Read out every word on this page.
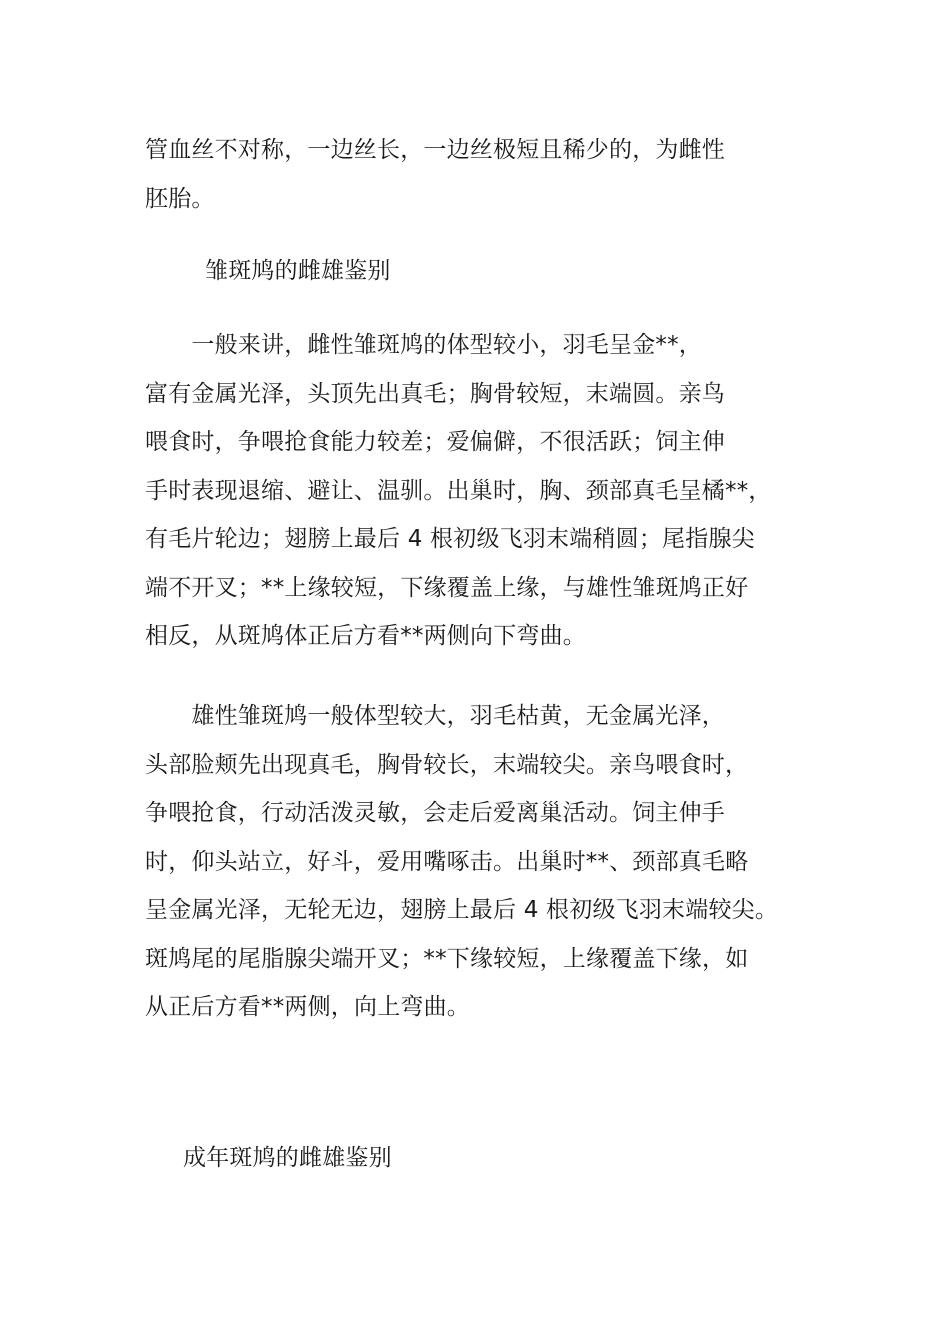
管血丝不对称，一边丝长，一边丝极短且稀少的，为雌性
胚胎。
雏斑鸠的雌雄鉴别
　　一般来讲，雌性雏斑鸠的体型较小，羽毛呈金**，
富有金属光泽，头顶先出真毛；胸骨较短，末端圆。亲鸟
喂食时，争喂抢食能力较差；爱偏僻，不很活跃；饲主伸
手时表现退缩、避让、温驯。出巢时，胸、颈部真毛呈橘**，
有毛片轮边；翅膀上最后 4 根初级飞羽末端稍圆；尾指腺尖
端不开叉；**上缘较短，下缘覆盖上缘，与雄性雏斑鸠正好
相反，从斑鸠体正后方看**两侧向下弯曲。
　　雄性雏斑鸠一般体型较大，羽毛枯黄，无金属光泽，
头部脸颊先出现真毛，胸骨较长，末端较尖。亲鸟喂食时，
争喂抢食，行动活泼灵敏，会走后爱离巢活动。饲主伸手
时，仰头站立，好斗，爱用嘴啄击。出巢时**、颈部真毛略
呈金属光泽，无轮无边，翅膀上最后 4 根初级飞羽末端较尖。
斑鸠尾的尾脂腺尖端开叉；**下缘较短，上缘覆盖下缘，如
从正后方看**两侧，向上弯曲。
成年斑鸠的雌雄鉴别
